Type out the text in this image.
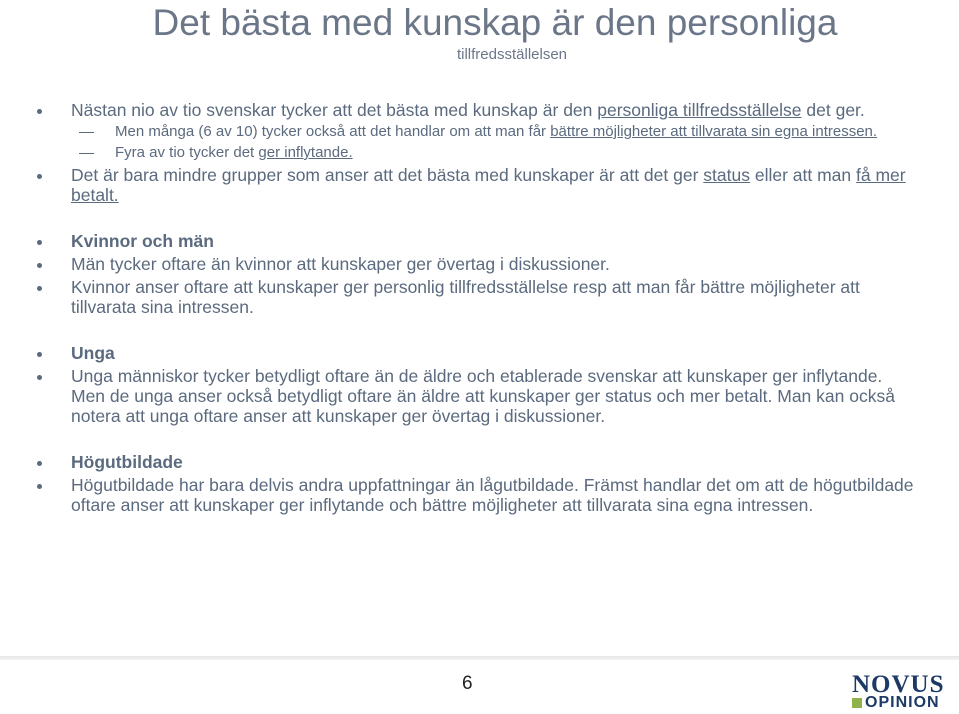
Det bästa med kunskap är den personliga
tillfredsställelsen
Nästan nio av tio svenskar tycker att det bästa med kunskap är den personliga tillfredsställelse det ger.
Men många (6 av 10) tycker också att det handlar om att man får bättre möjligheter att tillvarata sin egna intressen.
Fyra av tio tycker det ger inflytande.
Det är bara mindre grupper som anser att det bästa med kunskaper är att det ger status eller att man få mer betalt.
Kvinnor och män
Män tycker oftare än kvinnor att kunskaper ger övertag i diskussioner.
Kvinnor anser oftare att kunskaper ger personlig tillfredsställelse resp att man får bättre möjligheter att tillvarata sina intressen.
Unga
Unga människor tycker betydligt oftare än de äldre och etablerade svenskar att kunskaper ger inflytande. Men de unga anser också betydligt oftare än äldre att kunskaper ger status och mer betalt. Man kan också notera att unga oftare anser att kunskaper ger övertag i diskussioner.
Högutbildade
Högutbildade har bara delvis andra uppfattningar än lågutbildade. Främst handlar det om att de högutbildade oftare anser att kunskaper ger inflytande och bättre möjligheter att tillvarata sina egna intressen.
6	NOVUS
OPINION
